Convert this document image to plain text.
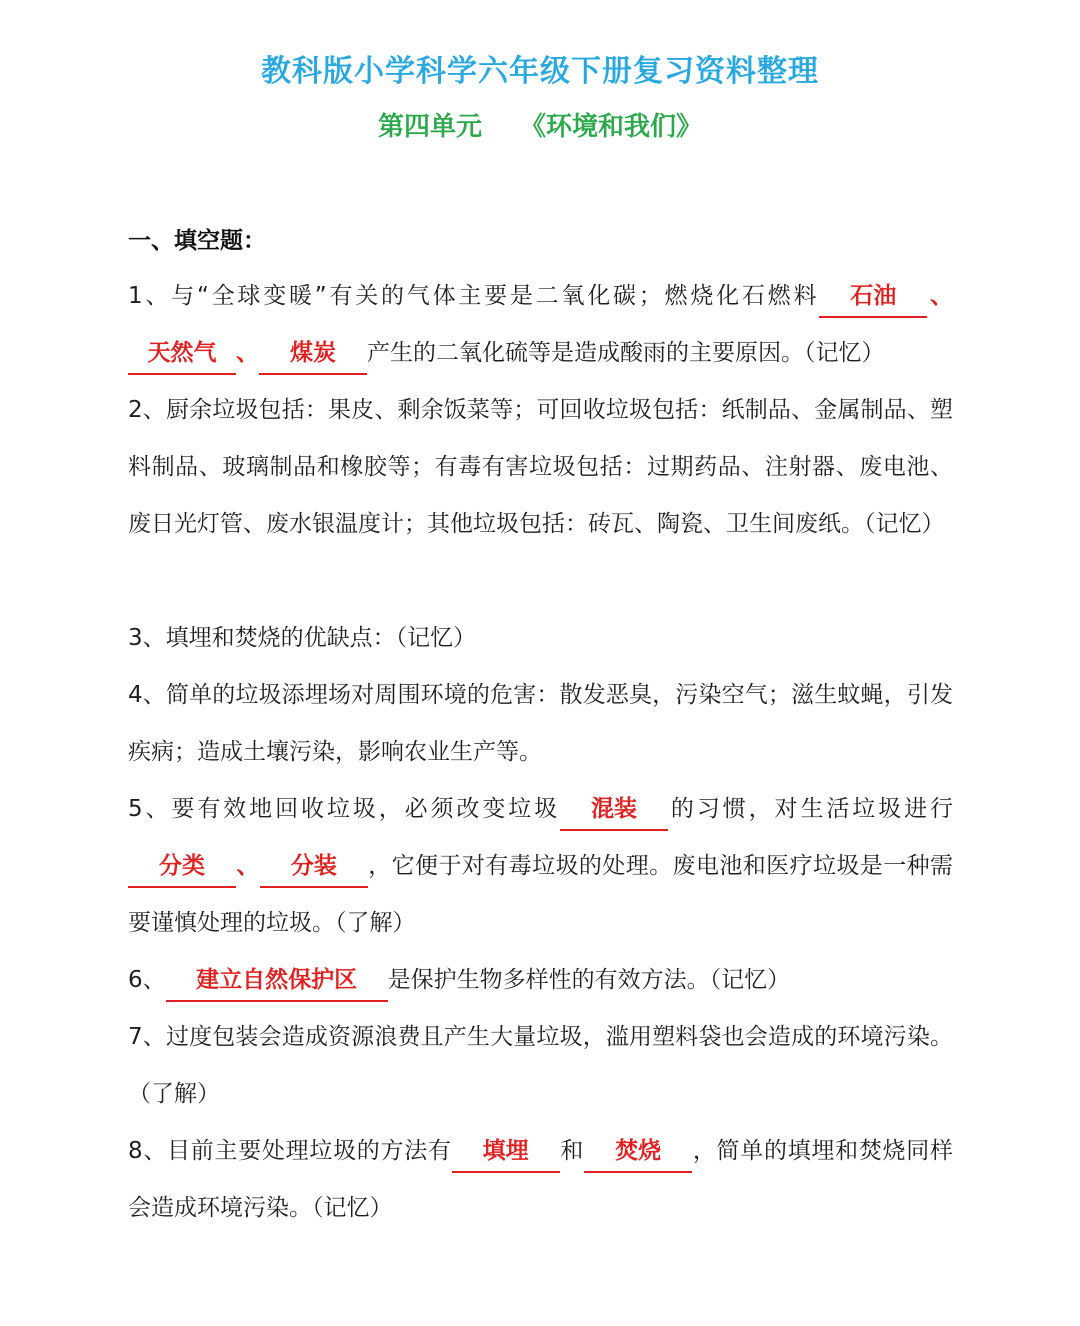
教科版小学科学六年级下册复习资料整理
第四单元 《环境和我们》
一、填空题：

1、与“全球变暖”有关的气体主要是二氧化碳；燃烧化石燃料 石油 、天然气 、 煤炭 产生的二氧化硫等是造成酸雨的主要原因。（记忆）

2、厨余垃圾包括：果皮、剩余饭菜等；可回收垃圾包括：纸制品、金属制品、塑料制品、玻璃制品和橡胶等；有毒有害垃圾包括：过期药品、注射器、废电池、废日光灯管、废水银温度计；其他垃圾包括：砖瓦、陶瓷、卫生间废纸。（记忆）

3、填埋和焚烧的优缺点：（记忆）

4、简单的垃圾添埋场对周围环境的危害：散发恶臭，污染空气；滋生蚊蝇，引发疾病；造成土壤污染，影响农业生产等。

5、要有效地回收垃圾，必须改变垃圾 混装 的习惯，对生活垃圾进行分类 、 分装 ，它便于对有毒垃圾的处理。废电池和医疗垃圾是一种需要谨慎处理的垃圾。（了解）

6、 建立自然保护区 是保护生物多样性的有效方法。（记忆）

7、过度包装会造成资源浪费且产生大量垃圾，滥用塑料袋也会造成的环境污染。（了解）

8、目前主要处理垃圾的方法有 填埋 和 焚烧 ，简单的填埋和焚烧同样会造成环境污染。（记忆）
